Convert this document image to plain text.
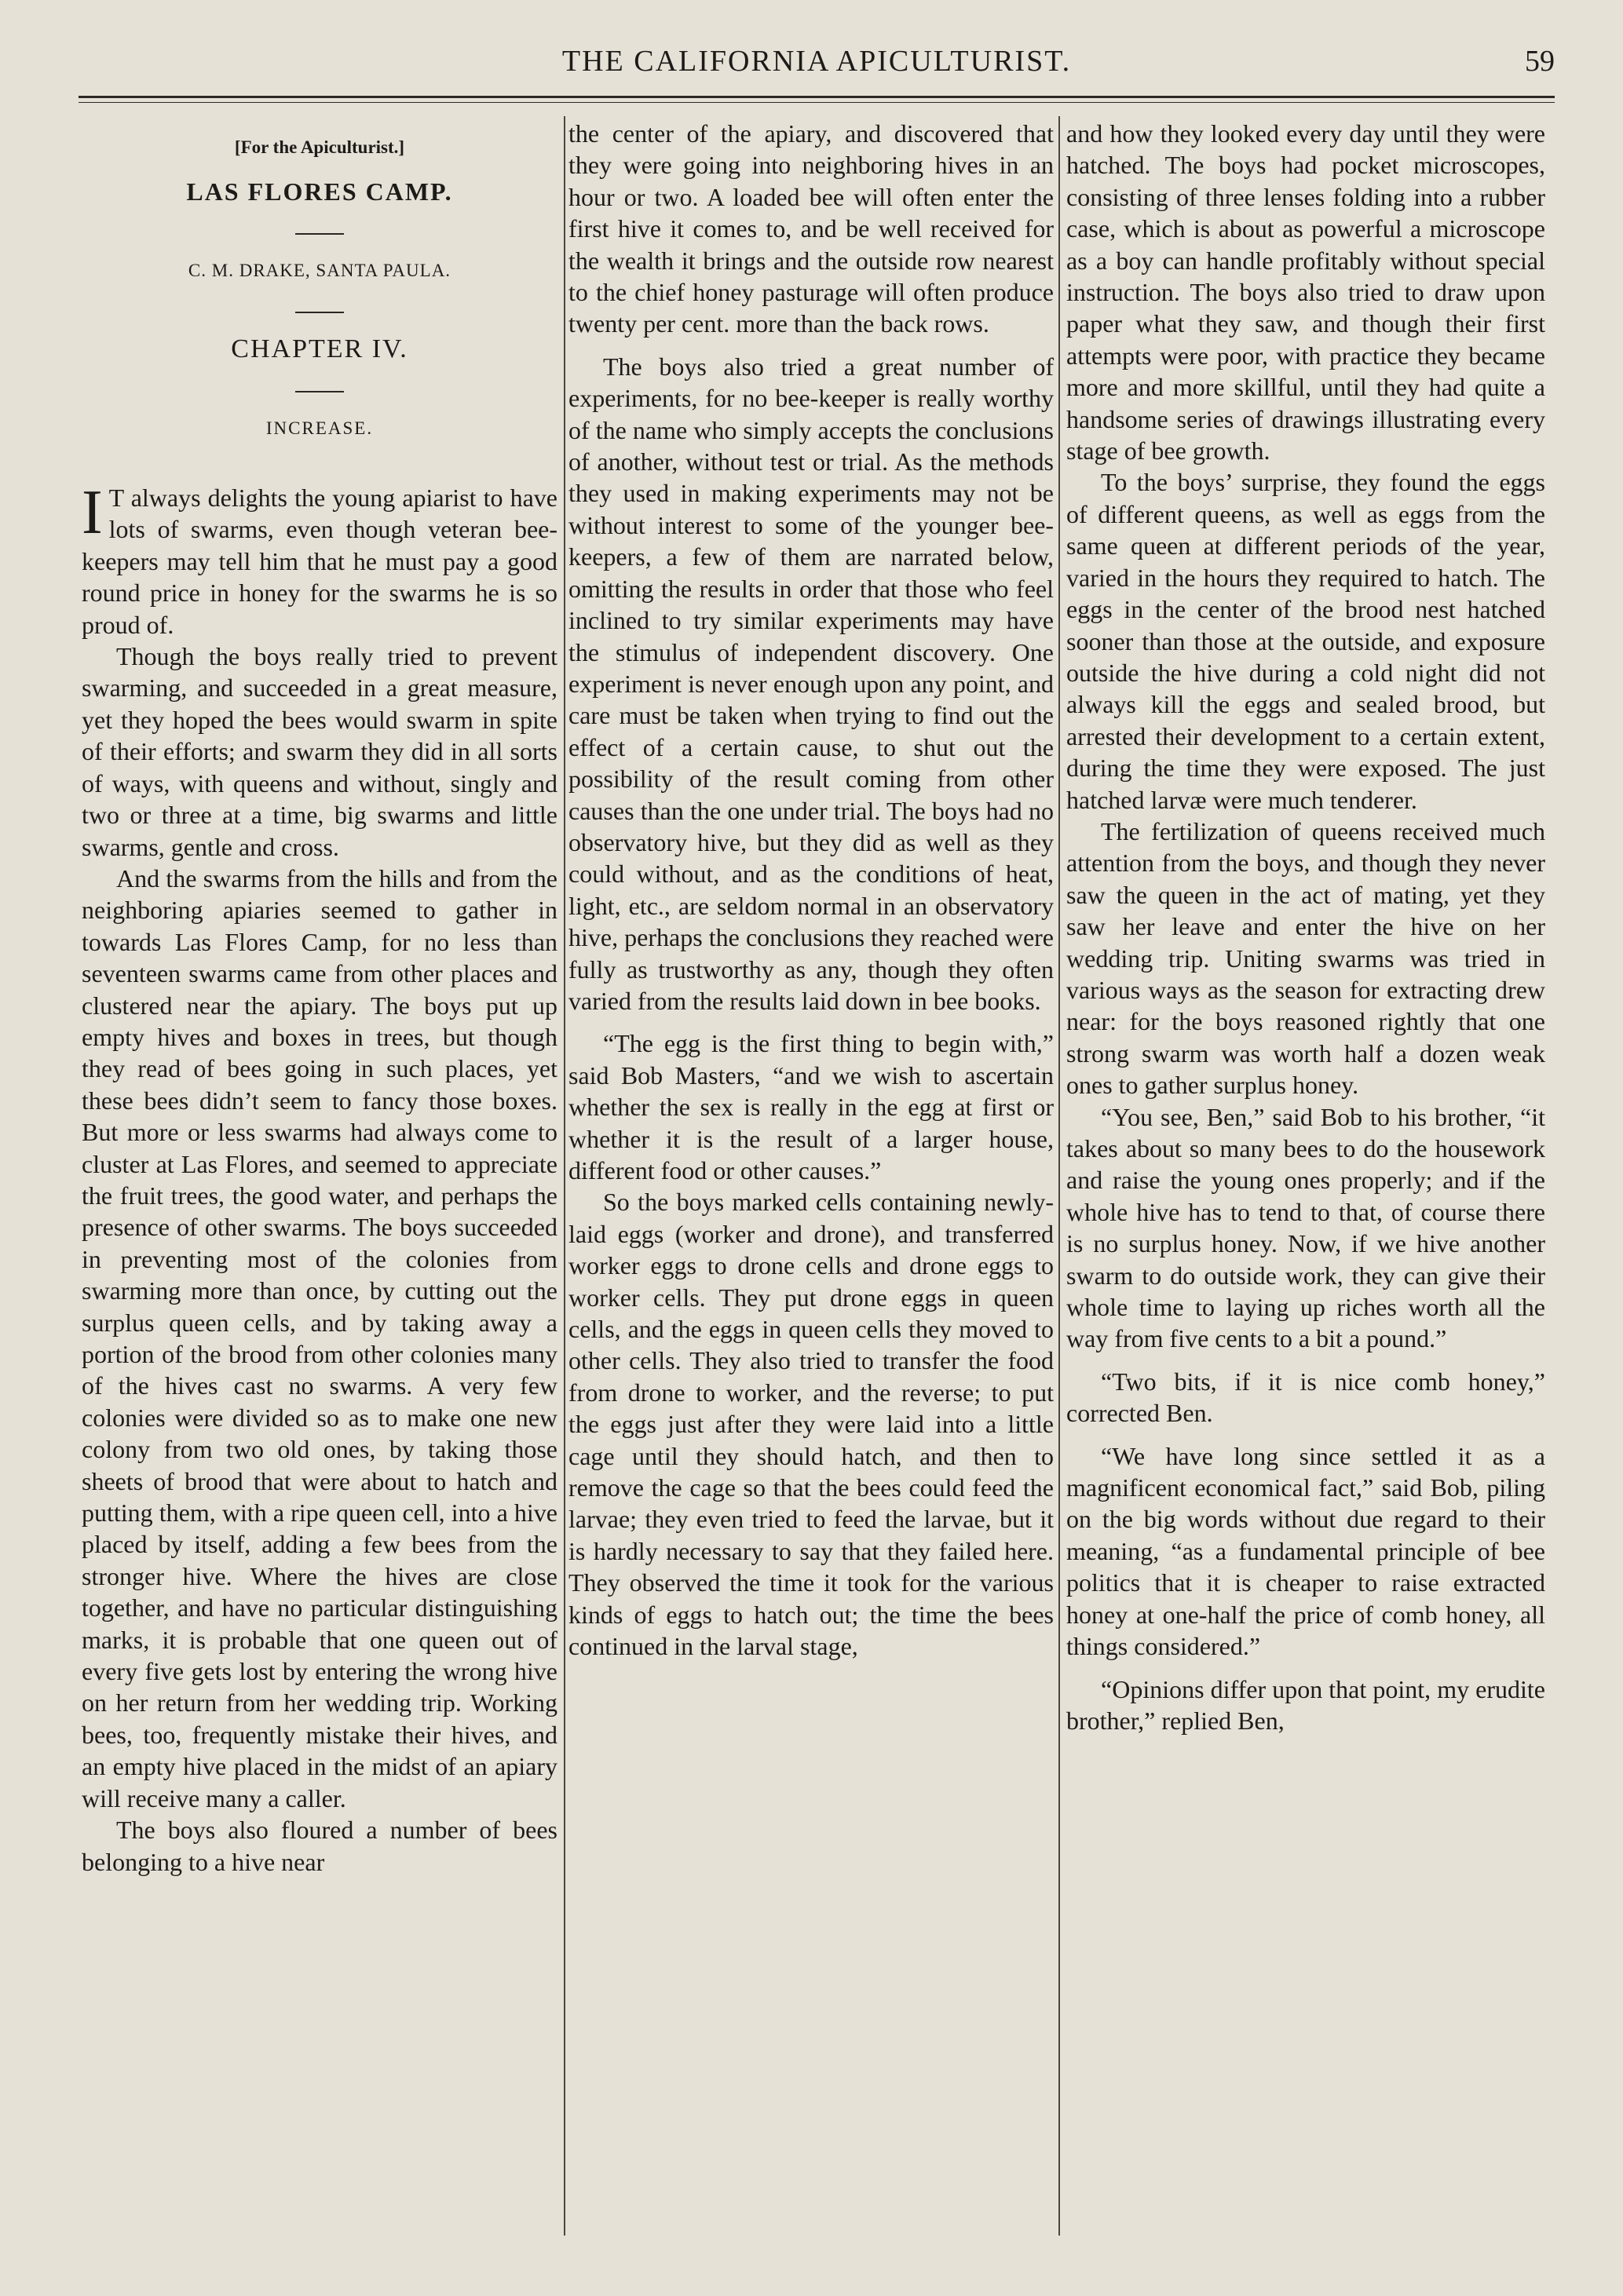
THE CALIFORNIA APICULTURIST.	59
[For the Apiculturist.]
LAS FLORES CAMP.
C. M. DRAKE, SANTA PAULA.
CHAPTER IV.
INCREASE.

I T always delights the young apiarist to have lots of swarms, even though veteran bee-keepers may tell him that he must pay a good round price in honey for the swarms he is so proud of.

Though the boys really tried to prevent swarming, and succeeded in a great measure, yet they hoped the bees would swarm in spite of their efforts; and swarm they did in all sorts of ways, with queens and without, singly and two or three at a time, big swarms and little swarms, gentle and cross.

And the swarms from the hills and from the neighboring apiaries seemed to gather in towards Las Flores Camp, for no less than seventeen swarms came from other places and clustered near the apiary. The boys put up empty hives and boxes in trees, but though they read of bees going in such places, yet these bees didn’t seem to fancy those boxes. But more or less swarms had always come to cluster at Las Flores, and seemed to appreciate the fruit trees, the good water, and perhaps the presence of other swarms. The boys succeeded in preventing most of the colonies from swarming more than once, by cutting out the surplus queen cells, and by taking away a portion of the brood from other colonies many of the hives cast no swarms. A very few colonies were divided so as to make one new colony from two old ones, by taking those sheets of brood that were about to hatch and putting them, with a ripe queen cell, into a hive placed by itself, adding a few bees from the stronger hive. Where the hives are close together, and have no particular distinguishing marks, it is probable that one queen out of every five gets lost by entering the wrong hive on her return from her wedding trip. Working bees, too, frequently mistake their hives, and an empty hive placed in the midst of an apiary will receive many a caller.

The boys also floured a number of bees belonging to a hive near

the center of the apiary, and discovered that they were going into neighboring hives in an hour or two. A loaded bee will often enter the first hive it comes to, and be well received for the wealth it brings and the outside row nearest to the chief honey pasturage will often produce twenty per cent. more than the back rows.

The boys also tried a great number of experiments, for no bee-keeper is really worthy of the name who simply accepts the conclusions of another, without test or trial. As the methods they used in making experiments may not be without interest to some of the younger bee-keepers, a few of them are narrated below, omitting the results in order that those who feel inclined to try similar experiments may have the stimulus of independent discovery. One experiment is never enough upon any point, and care must be taken when trying to find out the effect of a certain cause, to shut out the possibility of the result coming from other causes than the one under trial. The boys had no observatory hive, but they did as well as they could without, and as the conditions of heat, light, etc., are seldom normal in an observatory hive, perhaps the conclusions they reached were fully as trustworthy as any, though they often varied from the results laid down in bee books.

“The egg is the first thing to begin with,” said Bob Masters, “and we wish to ascertain whether the sex is really in the egg at first or whether it is the result of a larger house, different food or other causes.”

So the boys marked cells containing newly-laid eggs (worker and drone), and transferred worker eggs to drone cells and drone eggs to worker cells. They put drone eggs in queen cells, and the eggs in queen cells they moved to other cells. They also tried to transfer the food from drone to worker, and the reverse; to put the eggs just after they were laid into a little cage until they should hatch, and then to remove the cage so that the bees could feed the larvae; they even tried to feed the larvae, but it is hardly necessary to say that they failed here. They observed the time it took for the various kinds of eggs to hatch out; the time the bees continued in the larval stage,

and how they looked every day until they were hatched. The boys had pocket microscopes, consisting of three lenses folding into a rubber case, which is about as powerful a microscope as a boy can handle profitably without special instruction. The boys also tried to draw upon paper what they saw, and though their first attempts were poor, with practice they became more and more skillful, until they had quite a handsome series of drawings illustrating every stage of bee growth.

To the boys’ surprise, they found the eggs of different queens, as well as eggs from the same queen at different periods of the year, varied in the hours they required to hatch. The eggs in the center of the brood nest hatched sooner than those at the outside, and exposure outside the hive during a cold night did not always kill the eggs and sealed brood, but arrested their development to a certain extent, during the time they were exposed. The just hatched larvæ were much tenderer.

The fertilization of queens received much attention from the boys, and though they never saw the queen in the act of mating, yet they saw her leave and enter the hive on her wedding trip. Uniting swarms was tried in various ways as the season for extracting drew near: for the boys reasoned rightly that one strong swarm was worth half a dozen weak ones to gather surplus honey.

“You see, Ben,” said Bob to his brother, “it takes about so many bees to do the housework and raise the young ones properly; and if the whole hive has to tend to that, of course there is no surplus honey. Now, if we hive another swarm to do outside work, they can give their whole time to laying up riches worth all the way from five cents to a bit a pound.”

“Two bits, if it is nice comb honey,” corrected Ben.

“We have long since settled it as a magnificent economical fact,” said Bob, piling on the big words without due regard to their meaning, “as a fundamental principle of bee politics that it is cheaper to raise extracted honey at one-half the price of comb honey, all things considered.”

“Opinions differ upon that point, my erudite brother,” replied Ben,
